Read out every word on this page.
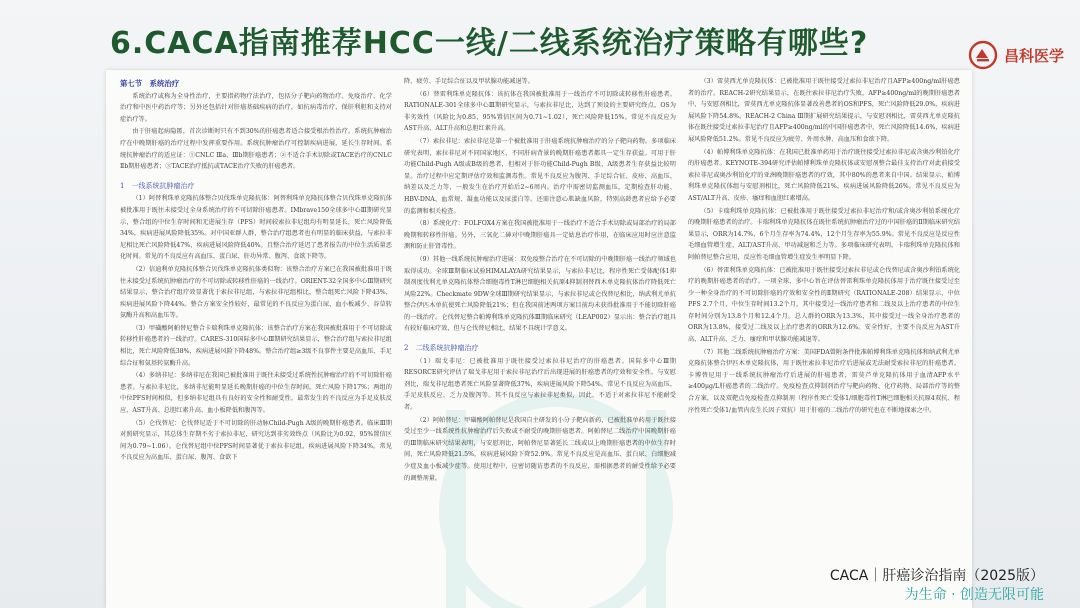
6.CACA指南推荐HCC一线/二线系统治疗策略有哪些?	昌科医学

第七节　系统治疗

系统治疗或称为全身性治疗，主要指药物疗法治疗，包括分子靶向药物治疗、免疫治疗、化学治疗和中医中药治疗等；另外还包括针对肝癌基础疾病的治疗，如抗病毒治疗、保肝利胆和支持对症治疗等。

由于肝癌起病隐匿，首次诊断时只有不到30%的肝癌患者适合接受根治性治疗。系统抗肿瘤治疗在中晚期肝癌的治疗过程中发挥重要作用。系统抗肿瘤治疗可控制疾病进展，延长生存时间。系统抗肿瘤治疗的适应证：①CNLC Ⅲa、Ⅲb期肝癌患者；②不适合手术切除或TACE治疗的CNLC Ⅱb期肝癌患者；③TACE治疗抵抗或TACE治疗失败的肝癌患者。

1　一线系统抗肿瘤治疗

（1）阿替利珠单克隆抗体整合贝伐珠单克隆抗体：阿替利珠单克隆抗体整合贝伐珠单克隆抗体被批准用于既往未接受过全身系统治疗的不可切除肝癌患者。IMbrave150全球多中心Ⅲ期研究显示，整合组的中位生存时间和无进展生存（PFS）时间较索拉非尼组均有明显延长，死亡风险降低34%，疾病进展风险降低35%。对中国亚群人群，整合治疗组患者也有明显的临床获益，与索拉非尼相比死亡风险降低47%，疾病进展风险降低40%。且整合治疗延迟了患者报告的中位生活质量恶化时间。常见的不良反应有高血压、蛋白尿、肝功异常、腹泻、食欲下降等。

（2）信迪利单克隆抗体整合贝伐珠单克隆抗体类似物：该整合治疗方案已在我国被批准用于既往未接受过系统抗肿瘤治疗的不可切除或转移性肝癌的一线治疗。ORIENT-32全国多中心Ⅲ期研究结果显示，整合治疗组疗效显著优于索拉非尼组，与索拉非尼组相比，整合组死亡风险下降43%，疾病进展风险下降44%。整合方案安全性较好，最常见的不良反应为蛋白尿、血小板减少、谷草转氨酶升高和高血压等。

（3）甲磺酸阿帕替尼整合卡瑞利珠单克隆抗体：该整合治疗方案在我国被批准用于不可切除或转移性肝癌患者的一线治疗。CARES-310国际多中心Ⅲ期研究结果显示，整合治疗组与索拉非尼组相比，死亡风险降低38%，疾病进展风险下降48%。整合治疗组≥3级不良事件主要是高血压、手足综合征和氨基转氨酶升高。

（4）多纳非尼：多纳非尼在我国已被批准用于既往未接受过系统性抗肿瘤治疗的不可切除肝癌患者。与索拉非尼比，多纳非尼能明显延长晚期肝癌的中位生存时间，死亡风险下降17%；两组的中位PFS时间相似，但多纳非尼组具有良好的安全性和耐受性。最常发生的不良反应为手足皮肤反应、AST升高、总胆红素升高、血小板降低和腹泻等。

（5）仑伐替尼：仑伐替尼适于不可切除的肝动脉Child-Pugh A级的晚期肝癌患者。临床Ⅲ期对照研究显示，其总体生存期不劣于索拉非尼，研究达到非劣效终点（风险比为0.92，95%置信区间为0.79~1.06）。仑伐替尼组中位PFS时间显著优于索拉非尼组，疾病进展风险下降34%。常见不良反应为高血压、蛋白尿、腹泻、食欲下

降、疲劳、手足综合征以及甲状腺功能减退等。

（6）替雷利珠单克隆抗体：该抗体在我国被批准用于一线治疗不可切除或转移性肝癌患者。RATIONALE-301全球多中心Ⅲ期研究显示，与索拉非尼比，达到了预设的主要研究终点，OS为非劣效性（风险比为0.85，95%置信区间为0.71~1.02），死亡风险降低15%。常见不良反应为AST升高、ALT升高和总胆红素升高。

（7）索拉非尼：索拉非尼是第一个被批准用于肝癌系统抗肿瘤治疗的分子靶向药物。多项临床研究表明，索拉非尼对不同国家地区、不同肝病背景的晚期肝癌患者都具一定生存获益。可用于肝功能Child-Pugh A级或B级的患者，但相对于肝功能Child-Pugh B级，A级患者生存获益比较明显。治疗过程中应定期评估疗效和监测毒性。常见不良反应为腹泻、手足综合征、皮疹、高血压、纳差以及乏力等，一般发生在治疗开始后2~6周内。治疗中需密切监测血压，定期检查肝功能、HBV-DNA、血常规、凝血功能以及尿蛋白等。还需注意心肌缺血风险，特别高龄患者应给予必要的监测和相关检查。

（8）系统化疗：FOLFOX4方案在我国被批准用于一线治疗不适合手术切除或局部治疗的局部晚期和转移性肝癌。另外，三氧化二砷对中晚期肝癌具一定姑息治疗作用，在临床应用时应注意监测和防止肝肾毒性。

（9）其他一线系统抗肿瘤治疗进展：双免疫整合治疗在不可切除的中晚期肝癌一线治疗领域也取得成功。全球Ⅲ期临床试验HIMALAYA研究结果显示，与索拉非尼比，程序性死亡受体配体1抑制剂度伐利尤单克隆抗体整合细胞毒性T淋巴细胞相关抗原4抑制剂替西木单克隆抗体治疗降低死亡风险22%。Checkmate 9DW全球Ⅲ期研究结果显示，与索拉非尼或仑伐替尼相比，纳武利尤单抗整合伊匹木单抗使死亡风险降低21%；但在我国前述两项方案目前均未获得批准用于不能切除肝癌的一线治疗。仑伐替尼整合帕博利珠单克隆抗体Ⅲ期临床研究（LEAP002）显示出：整合治疗组具有较好临床疗效，但与仑伐替尼相比，结果不具统计学意义。

2　二线系统抗肿瘤治疗

（1）瑞戈非尼：已被批准用于既往接受过索拉非尼治疗的肝癌患者。国际多中心Ⅲ期RESORCE研究评估了瑞戈非尼用于索拉非尼治疗后出现进展的肝癌患者的疗效和安全性。与安慰剂比，瑞戈非尼组患者死亡风险显著降低37%，疾病进展风险下降54%。常见不良反应为高血压、手足皮肤反应、乏力及腹泻等。其不良反应与索拉非尼类似，因此，不适于对索拉非尼不能耐受者。

（2）阿帕替尼：甲磺酸阿帕替尼是我国自主研发的小分子靶向新药，已被批准单药用于既往接受过至少一线系统性抗肿瘤治疗后失败或不耐受的晚期肝癌患者。阿帕替尼二线治疗中国晚期肝癌的Ⅲ期临床研究结果表明，与安慰剂比，阿帕替尼显著延长二线或以上晚期肝癌患者的中位生存时间，死亡风险降低21.5%，疾病进展风险下降52.9%。常见不良反应是高血压、蛋白尿、白细胞减少症及血小板减少症等。使用过程中，应密切随访患者的不良反应，需根据患者的耐受性给予必要的调整剂量。

（3）雷莫西尤单克隆抗体：已被批准用于既往接受过索拉非尼治疗且AFP≥400ng/ml肝癌患者的治疗。REACH-2研究结果显示，在既往索拉非尼治疗失败，AFP≥400ng/ml的晚期肝癌患者中，与安慰剂相比，雷莫西尤单克隆抗体显著改善患者的OS和PFS，死亡风险降低29.0%，疾病进展风险下降54.8%。REACH-2 China Ⅲ期扩展研究结果提示，与安慰剂相比，雷莫西尤单克隆抗体在既往接受过索拉非尼治疗且AFP≥400ng/ml的中国肝癌患者中，死亡风险降低14.6%，疾病进展风险降低51.2%。常见不良反应为疲劳、外周水肿、高血压和食欲下降。

（4）帕博利珠单克隆抗体：在我国已批准单药用于治疗既往接受过索拉非尼或含奥沙利铂化疗的肝癌患者。KEYNOTE-394研究评估帕博利珠单克隆抗体或安慰剂整合最佳支持治疗对此前接受索拉非尼或奥沙利铂化疗的亚洲晚期肝癌患者的疗效，其中80%的患者来自中国。结果显示，帕博利珠单克隆抗体组与安慰剂相比，死亡风险降低21%，疾病进展风险降低26%。常见不良反应为AST/ALT升高、皮疹、瘙痒和血胆红素增高。

（5）卡瑞利珠单克隆抗体：已被批准用于既往接受过索拉非尼治疗和/或含奥沙利铂系统化疗的晚期肝癌患者的治疗。卡瑞利珠单克隆抗体在既往系统抗肿瘤治疗过的中国肝癌的Ⅱ期临床研究结果显示，ORR为14.7%，6个月生存率为74.4%，12个月生存率为55.9%。常见不良反应是反应性毛细血管增生症、ALT/AST升高、甲功减退和乏力等。多项临床研究表明，卡瑞利珠单克隆抗体和阿帕替尼整合应用，反应性毛细血管增生症发生率明显下降。

（6）替雷利珠单克隆抗体：已被批准用于既往接受过索拉非尼或仑伐替尼或含奥沙利铂系统化疗的晚期肝癌患者的治疗。一项全球、多中心旨在评估替雷利珠单克隆抗体用于治疗既往接受过至少一种全身治疗的不可切除肝癌的疗效和安全性的Ⅱ期研究（RATIONALE-208）结果显示，中位PFS 2.7个月，中位生存时间13.2个月，其中接受过一线治疗患者和二线及以上治疗患者的中位生存时间分别为13.8个月和12.4个月。总人群的ORR为13.3%，其中接受过一线全身治疗患者的ORR为13.8%，接受过二线及以上治疗患者的ORR为12.6%。安全性好，主要不良反应为AST升高、ALT升高、乏力、瘙痒和甲状腺功能减退等。

（7）其他二线系统抗肿瘤治疗方案：美国FDA曾附条件批准帕博利珠单克隆抗体和纳武利尤单克隆抗体整合伊匹木单克隆抗体，用于既往索拉非尼治疗后进展或无法耐受索拉非尼的肝癌患者。卡博替尼用于一线系统抗肿瘤治疗后进展的肝癌患者，雷莫芦单克隆抗体用于血清AFP水平≥400μg/L肝癌患者的二线治疗。免疫检查点抑制剂治疗与靶向药物、化疗药物、局部治疗等的整合方案，以及双靶点免疫检查点抑制剂（程序性死亡受体1/细胞毒性T淋巴细胞相关抗原4双抗、程序性死亡受体1/血管内皮生长因子双抗）用于肝癌的二线治疗的研究也在不断地探索之中。

CACA｜肝癌诊治指南（2025版）
为生命 · 创造无限可能
